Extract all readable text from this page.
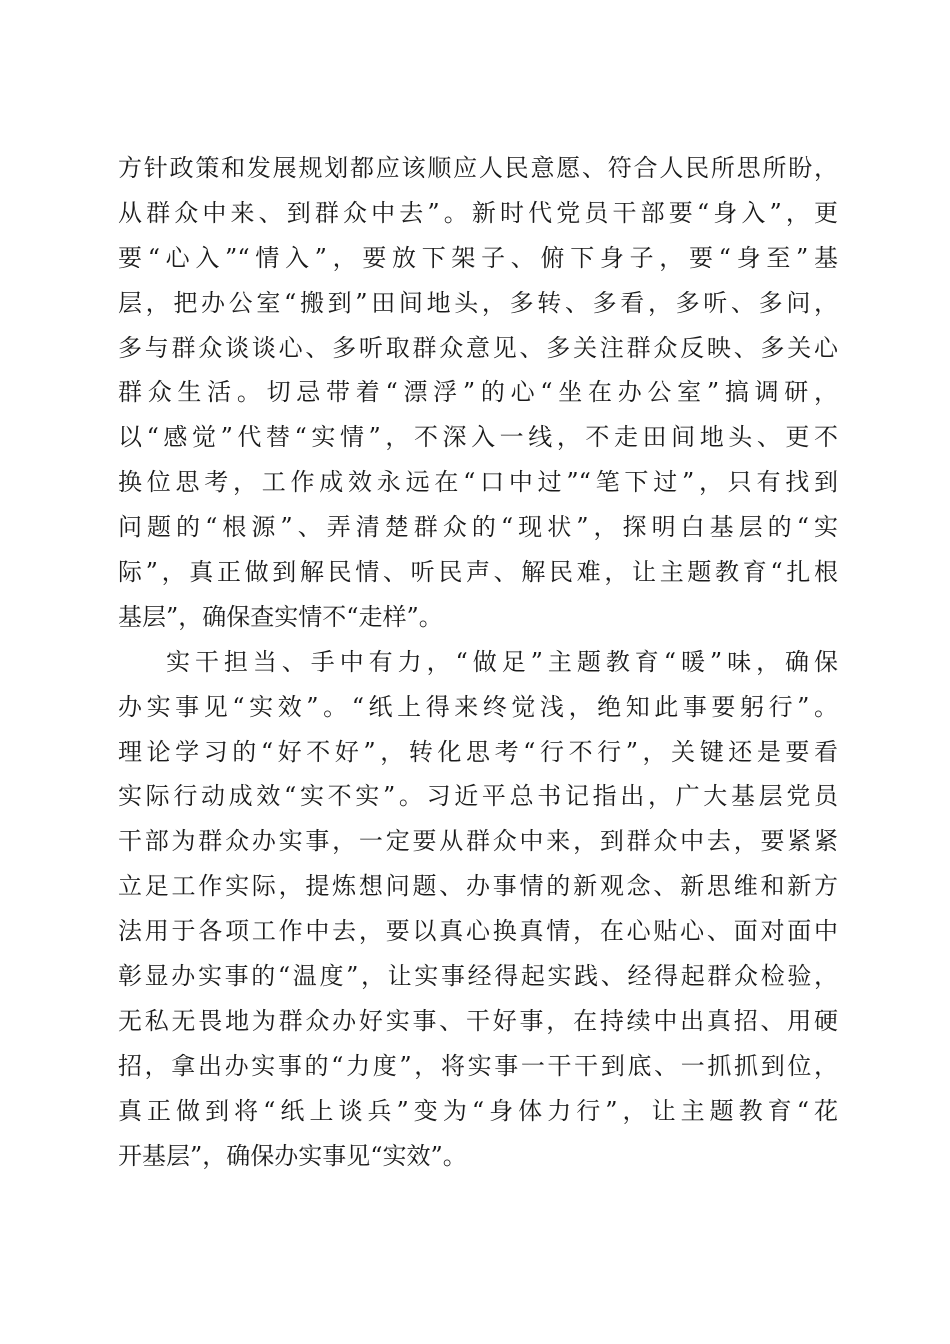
方针政策和发展规划都应该顺应人民意愿、符合人民所思所盼，
从群众中来、到群众中去”。新时代党员干部要“身入”，更
要“心入”“情入”，要放下架子、俯下身子，要“身至”基
层，把办公室“搬到”田间地头，多转、多看，多听、多问，
多与群众谈谈心、多听取群众意见、多关注群众反映、多关心
群众生活。切忌带着“漂浮”的心“坐在办公室”搞调研，
以“感觉”代替“实情”，不深入一线，不走田间地头、更不
换位思考，工作成效永远在“口中过”“笔下过”，只有找到
问题的“根源”、弄清楚群众的“现状”，探明白基层的“实
际”，真正做到解民情、听民声、解民难，让主题教育“扎根
基层”，确保查实情不“走样”。
实干担当、手中有力，“做足”主题教育“暖”味，确保
办实事见“实效”。“纸上得来终觉浅，绝知此事要躬行”。
理论学习的“好不好”，转化思考“行不行”，关键还是要看
实际行动成效“实不实”。习近平总书记指出，广大基层党员
干部为群众办实事，一定要从群众中来，到群众中去，要紧紧
立足工作实际，提炼想问题、办事情的新观念、新思维和新方
法用于各项工作中去，要以真心换真情，在心贴心、面对面中
彰显办实事的“温度”，让实事经得起实践、经得起群众检验，
无私无畏地为群众办好实事、干好事，在持续中出真招、用硬
招，拿出办实事的“力度”，将实事一干干到底、一抓抓到位，
真正做到将“纸上谈兵”变为“身体力行”，让主题教育“花
开基层”，确保办实事见“实效”。
